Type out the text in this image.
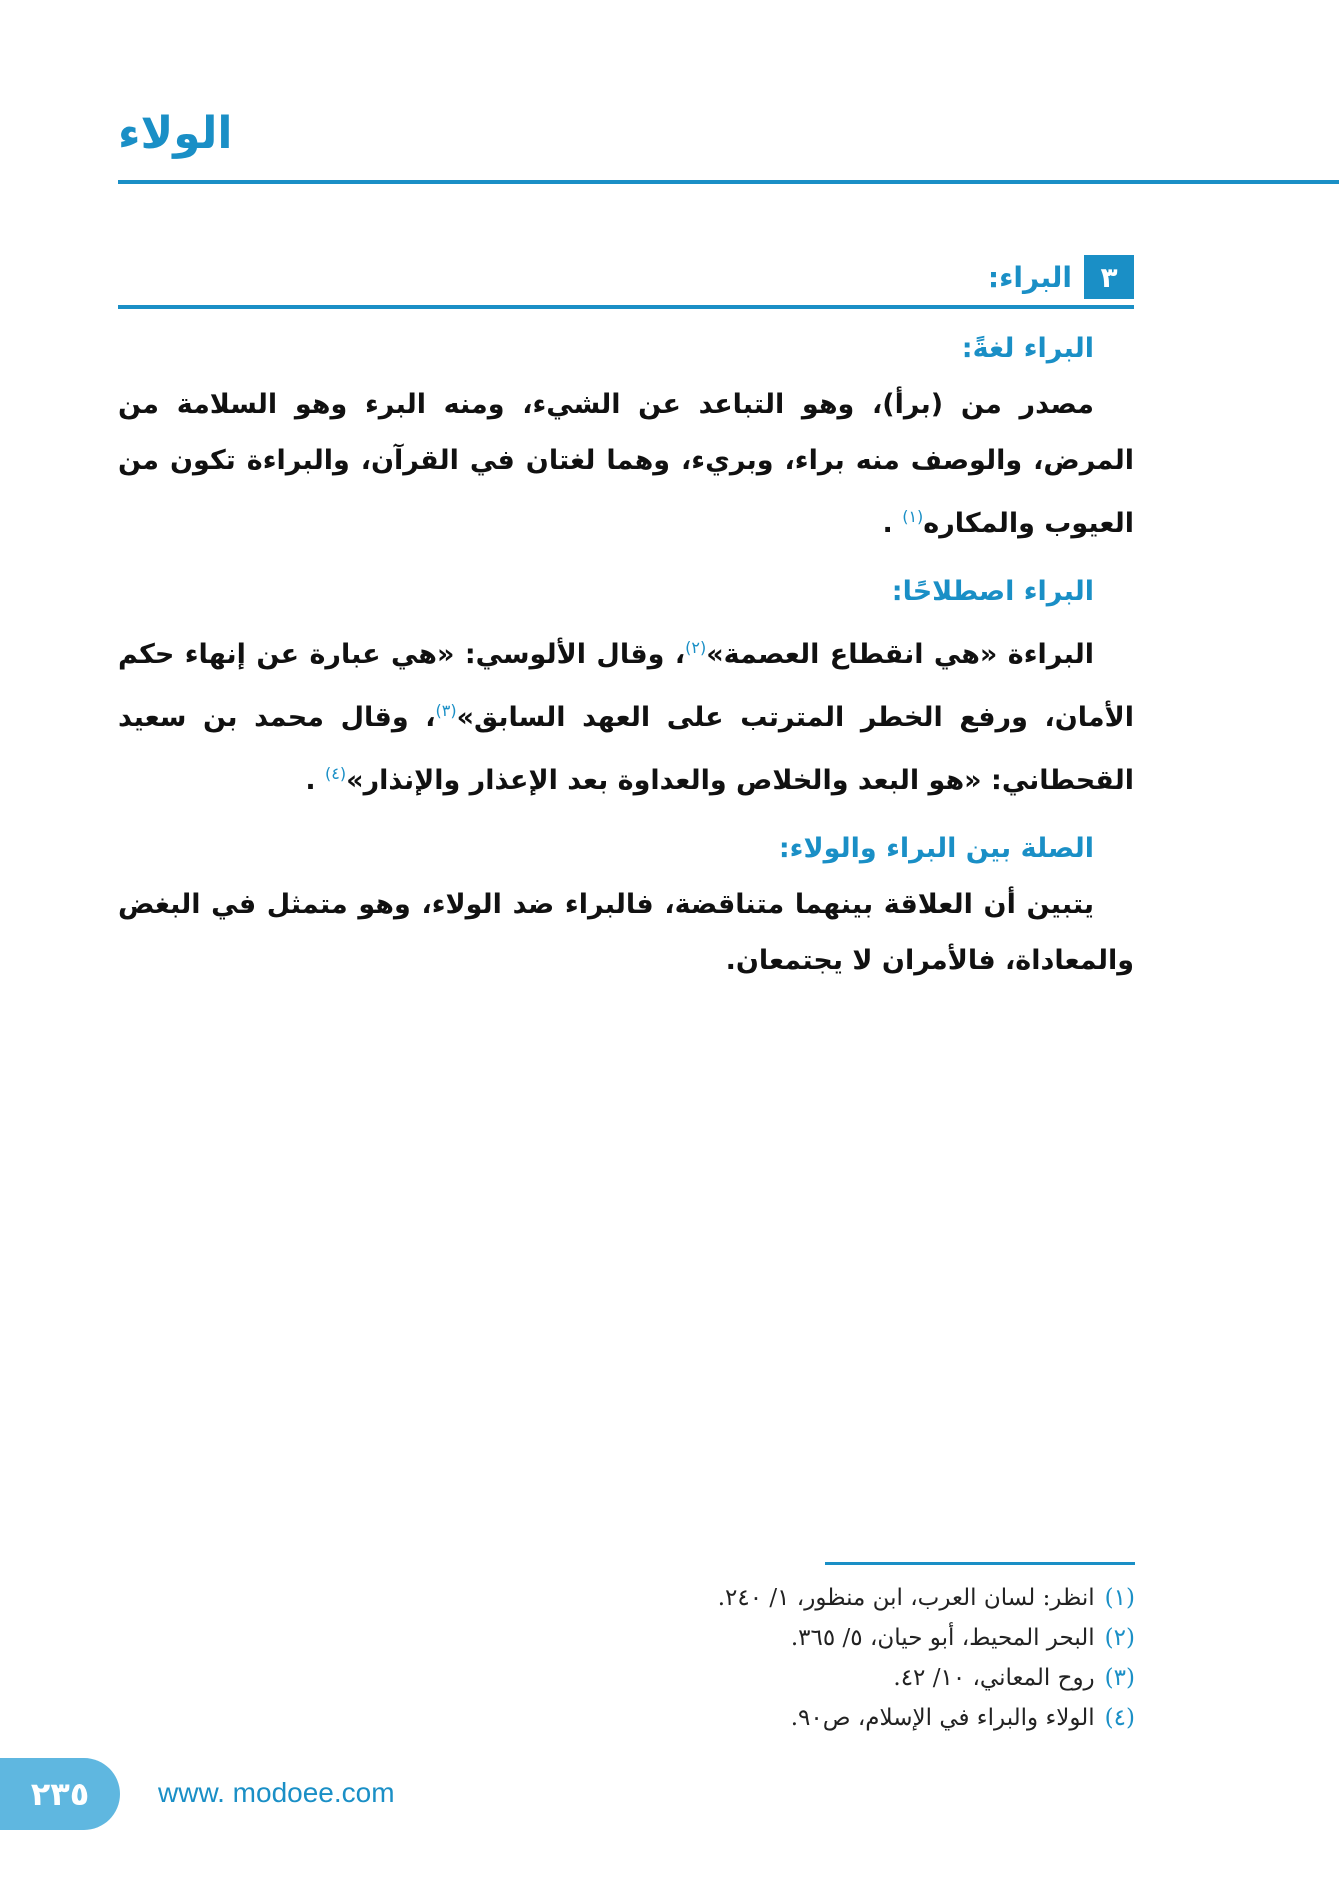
الولاء
٣
البراء:
البراء لغةً:

مصدر من (برأ)، وهو التباعد عن الشيء، ومنه البرء وهو السلامة من المرض، والوصف منه براء، وبريء، وهما لغتان في القرآن، والبراءة تكون من العيوب والمكاره$^{(١)}$ .

البراء اصطلاحًا:

البراءة «هي انقطاع العصمة»$^{(٢)}$، وقال الألوسي: «هي عبارة عن إنهاء حكم الأمان، ورفع الخطر المترتب على العهد السابق»$^{(٣)}$، وقال محمد بن سعيد القحطاني: «هو البعد والخلاص والعداوة بعد الإعذار والإنذار»$^{(٤)}$ .

الصلة بين البراء والولاء:

يتبين أن العلاقة بينهما متناقضة، فالبراء ضد الولاء، وهو متمثل في البغض والمعاداة، فالأمران لا يجتمعان.

(١)انظر: لسان العرب، ابن منظور، ١/ ٢٤٠.
(٢)البحر المحيط، أبو حيان، ٥/ ٣٦٥.
(٣)روح المعاني، ١٠/ ٤٢.
(٤)الولاء والبراء في الإسلام، ص٩٠.
٢٣٥	www. modoee.com
